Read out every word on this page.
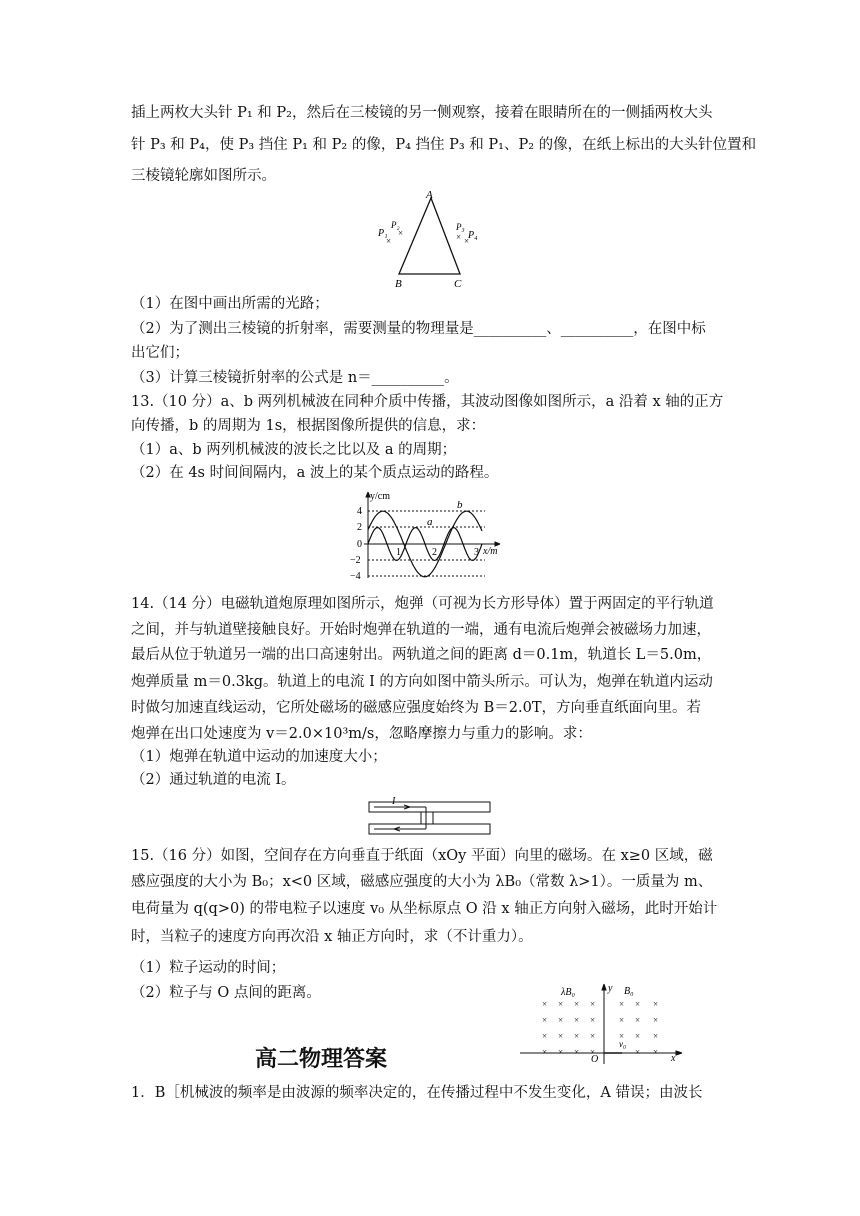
插上两枚大头针 P₁ 和 P₂，然后在三棱镜的另一侧观察，接着在眼睛所在的一侧插两枚大头
针 P₃ 和 P₄，使 P₃ 挡住 P₁ 和 P₂ 的像，P₄ 挡住 P₃ 和 P₁、P₂ 的像，在纸上标出的大头针位置和
三棱镜轮廓如图所示。
A
B	C
P₁
P₂	P₃
P₄
×
×	× ×
（1）在图中画出所需的光路；
（2）为了测出三棱镜的折射率，需要测量的物理量是__________、__________，在图中标
出它们；
（3）计算三棱镜折射率的公式是 n＝__________。
13.（10 分）a、b 两列机械波在同种介质中传播，其波动图像如图所示，a 沿着 x 轴的正方
向传播，b 的周期为 1s，根据图像所提供的信息，求：
（1）a、b 两列机械波的波长之比以及 a 的周期；
（2）在 4s 时间间隔内，a 波上的某个质点运动的路程。
y/cm
x/m
4
2
0
−2
−4
1	2	3
a
b
14.（14 分）电磁轨道炮原理如图所示，炮弹（可视为长方形导体）置于两固定的平行轨道
之间，并与轨道壁接触良好。开始时炮弹在轨道的一端，通有电流后炮弹会被磁场力加速，
最后从位于轨道另一端的出口高速射出。两轨道之间的距离 d＝0.1m，轨道长 L＝5.0m，
炮弹质量 m＝0.3kg。轨道上的电流 I 的方向如图中箭头所示。可认为，炮弹在轨道内运动
时做匀加速直线运动，它所处磁场的磁感应强度始终为 B＝2.0T，方向垂直纸面向里。若
炮弹在出口处速度为 v＝2.0×10³m/s，忽略摩擦力与重力的影响。求：
（1）炮弹在轨道中运动的加速度大小；
（2）通过轨道的电流 I。
I
15.（16 分）如图，空间存在方向垂直于纸面（xOy 平面）向里的磁场。在 x≥0 区域，磁
感应强度的大小为 B₀；x<0 区域，磁感应强度的大小为 λB₀（常数 λ>1）。一质量为 m、
电荷量为 q(q>0) 的带电粒子以速度 v₀ 从坐标原点 O 沿 x 轴正方向射入磁场，此时开始计
时，当粒子的速度方向再次沿 x 轴正方向时，求（不计重力）。
（1）粒子运动的时间；
（2）粒子与 O 点间的距离。
× × × ×	× × ×
× × × ×	× × ×
× × × ×	× × ×
× × × ×	× ×
λB₀	B₀
v₀
O	x
y
高二物理答案
1．B［机械波的频率是由波源的频率决定的，在传播过程中不发生变化，A 错误；由波长
